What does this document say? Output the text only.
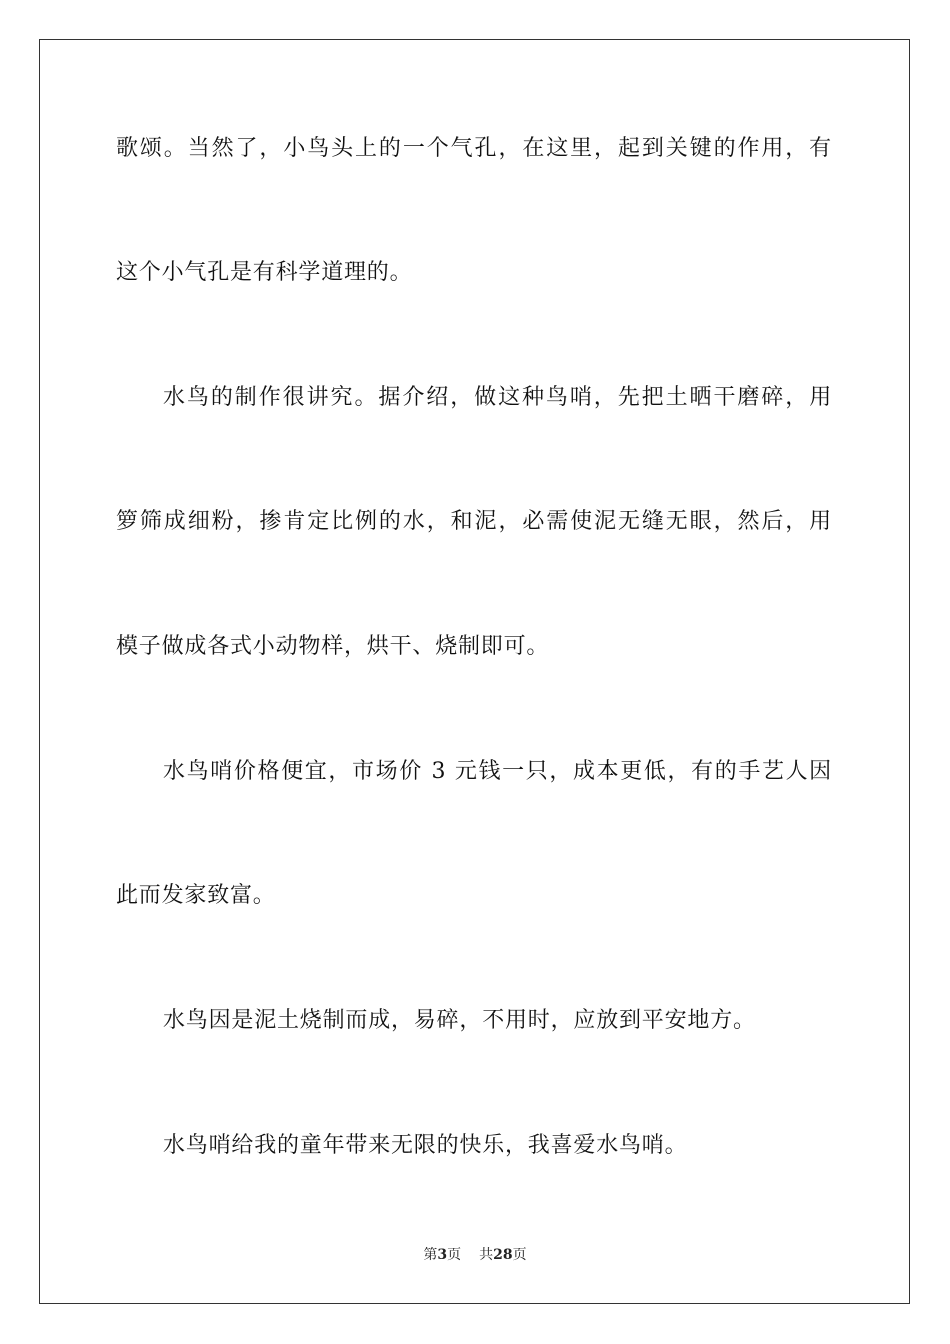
歌颂。当然了，小鸟头上的一个气孔，在这里，起到关键的作用，有
这个小气孔是有科学道理的。
水鸟的制作很讲究。据介绍，做这种鸟哨，先把土晒干磨碎，用
箩筛成细粉，掺肯定比例的水，和泥，必需使泥无缝无眼，然后，用
模子做成各式小动物样，烘干、烧制即可。
水鸟哨价格便宜，市场价 3 元钱一只，成本更低，有的手艺人因
此而发家致富。
水鸟因是泥土烧制而成，易碎，不用时，应放到平安地方。
水鸟哨给我的童年带来无限的快乐，我喜爱水鸟哨。
第3页 共28页
